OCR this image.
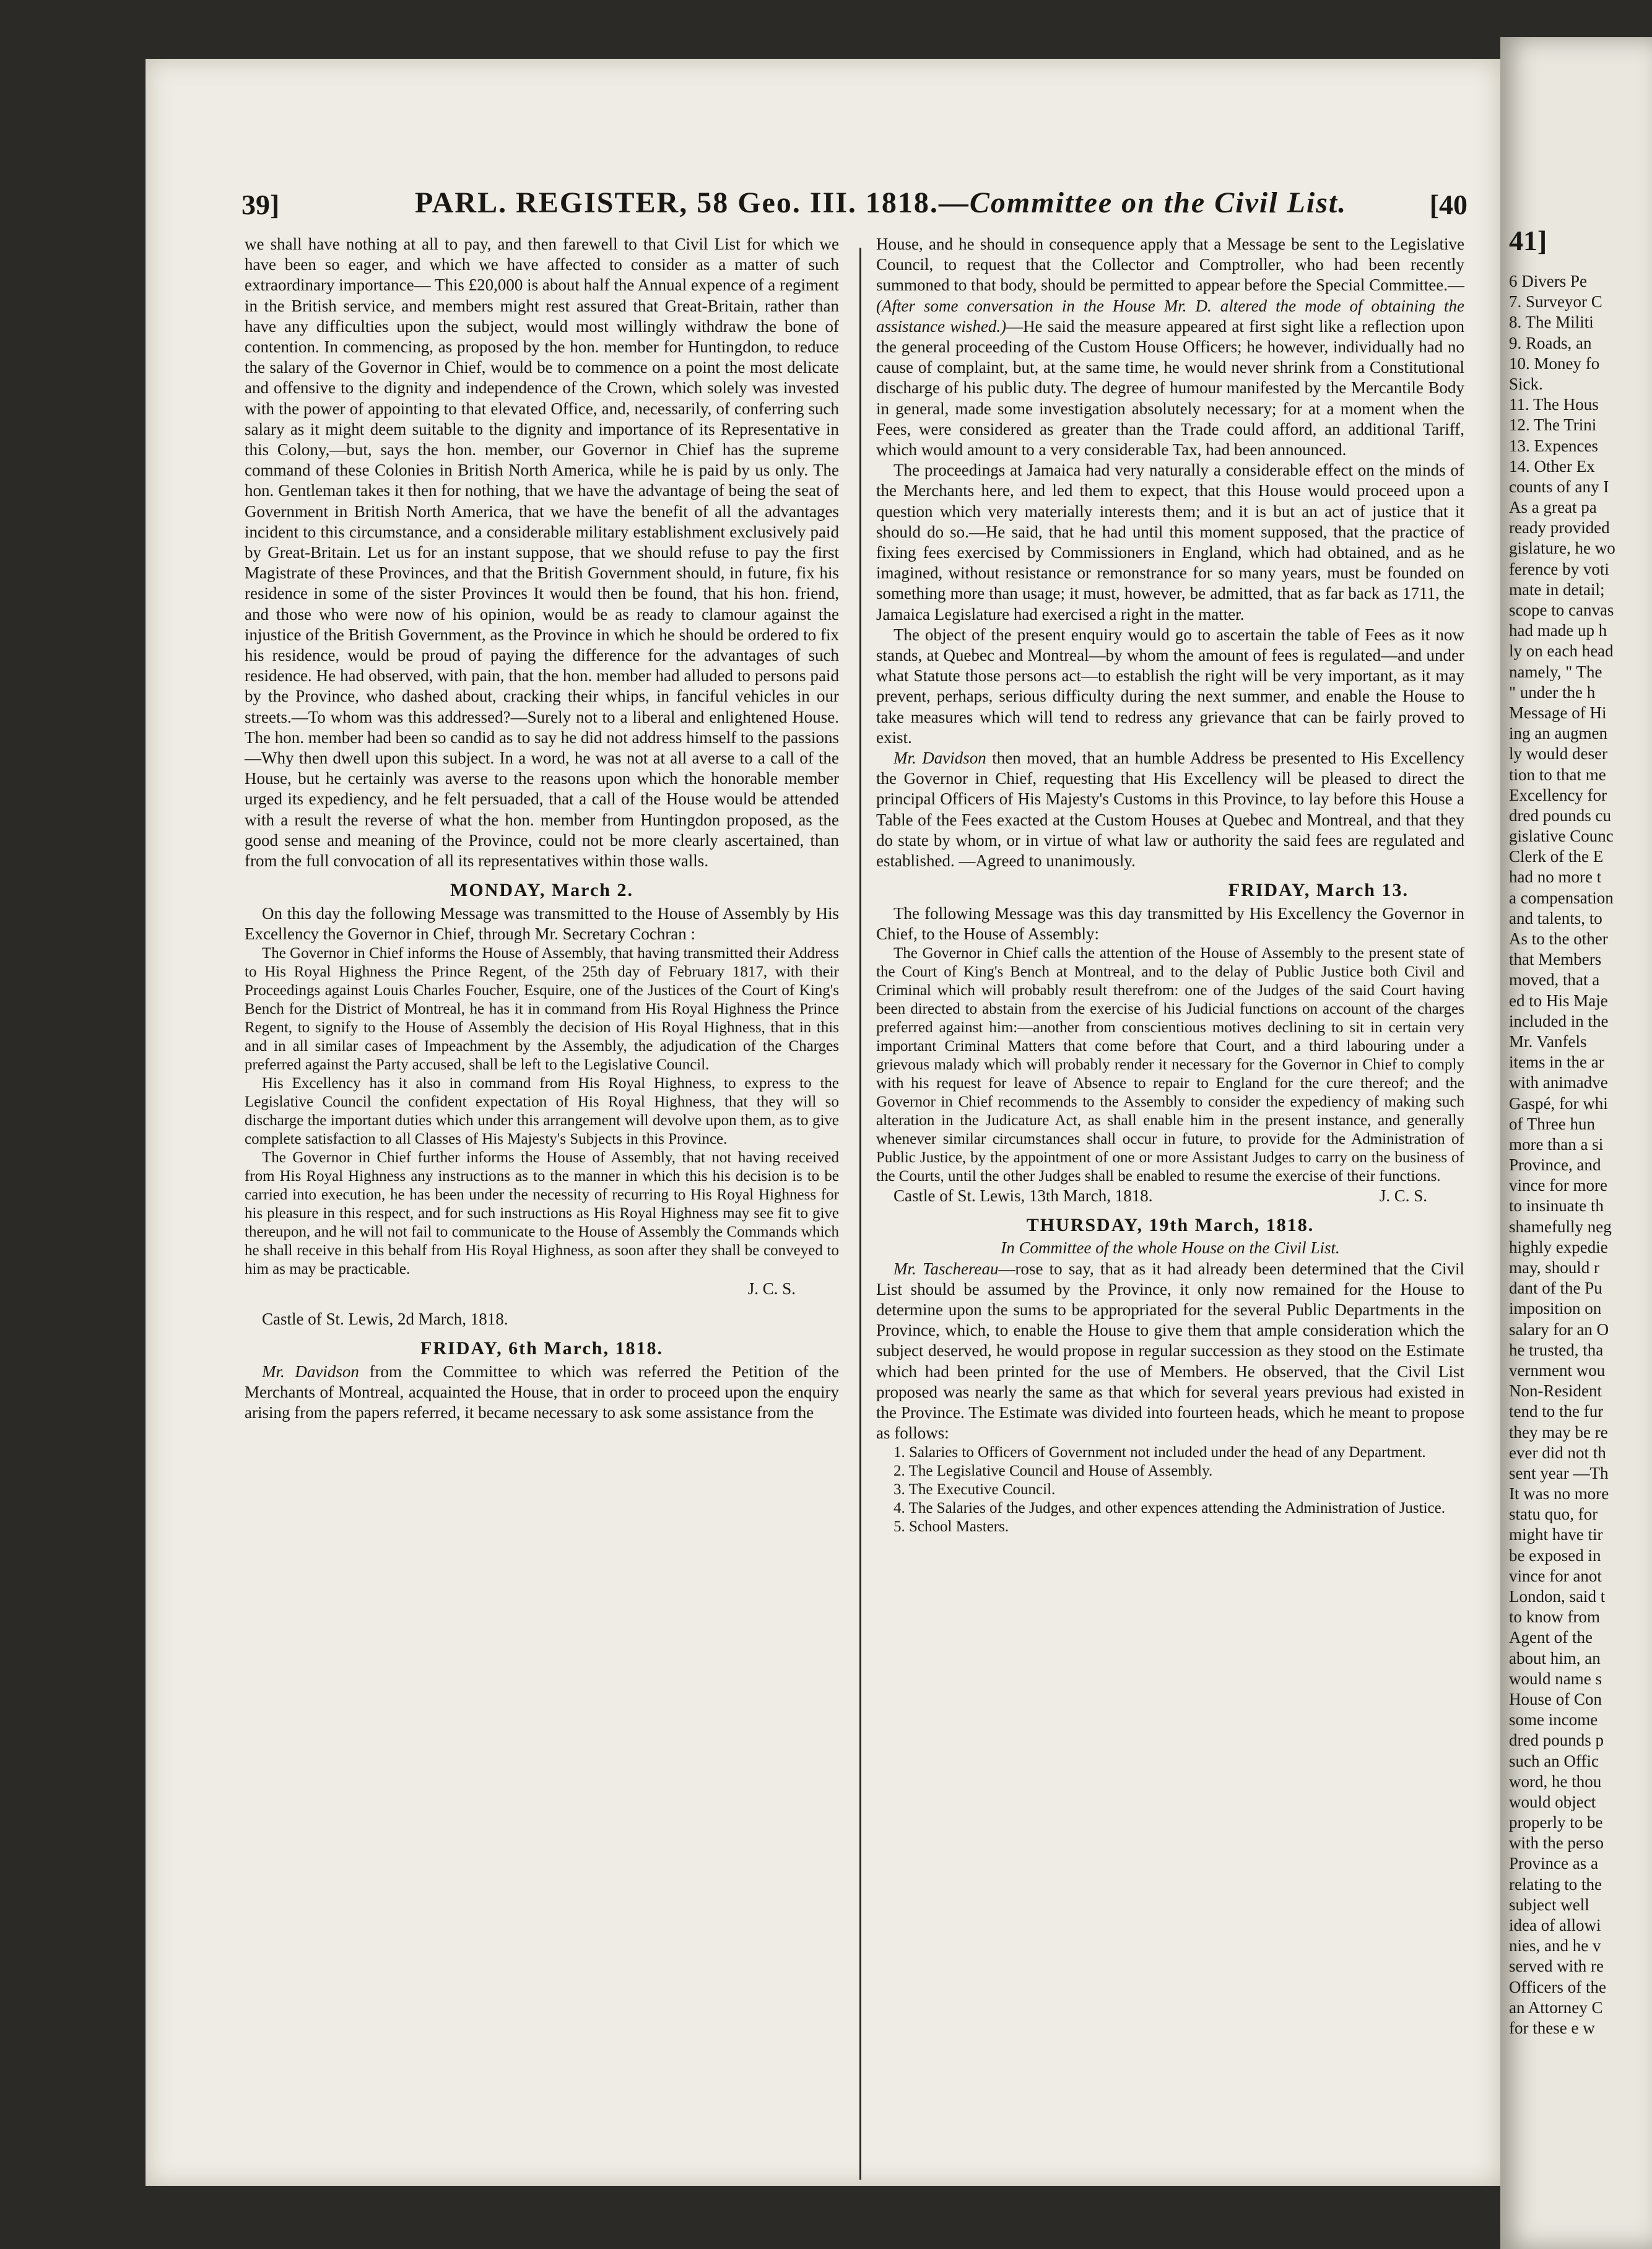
39]	PARL. REGISTER, 58 Geo. III. 1818.—Committee on the Civil List.	[40

we shall have nothing at all to pay, and then farewell to that Civil List for which we have been so eager, and which we have affected to consider as a matter of such extraordinary importance— This £20,000 is about half the Annual expence of a regiment in the British service, and members might rest assured that Great-Britain, rather than have any difficulties upon the subject, would most willingly withdraw the bone of contention. In commencing, as proposed by the hon. member for Huntingdon, to reduce the salary of the Governor in Chief, would be to commence on a point the most delicate and offensive to the dignity and independence of the Crown, which solely was invested with the power of appointing to that elevated Office, and, necessarily, of conferring such salary as it might deem suitable to the dignity and importance of its Representative in this Colony,—but, says the hon. member, our Governor in Chief has the supreme command of these Colonies in British North America, while he is paid by us only. The hon. Gentleman takes it then for nothing, that we have the advantage of being the seat of Government in British North America, that we have the benefit of all the advantages incident to this circumstance, and a considerable military establishment exclusively paid by Great-Britain. Let us for an instant suppose, that we should refuse to pay the first Magistrate of these Provinces, and that the British Government should, in future, fix his residence in some of the sister Provinces It would then be found, that his hon. friend, and those who were now of his opinion, would be as ready to clamour against the injustice of the British Government, as the Province in which he should be ordered to fix his residence, would be proud of paying the difference for the advantages of such residence. He had observed, with pain, that the hon. member had alluded to persons paid by the Province, who dashed about, cracking their whips, in fanciful vehicles in our streets.—To whom was this addressed?—Surely not to a liberal and enlightened House. The hon. member had been so candid as to say he did not address himself to the passions—Why then dwell upon this subject. In a word, he was not at all averse to a call of the House, but he certainly was averse to the reasons upon which the honorable member urged its expediency, and he felt persuaded, that a call of the House would be attended with a result the reverse of what the hon. member from Huntingdon proposed, as the good sense and meaning of the Province, could not be more clearly ascertained, than from the full convocation of all its representatives within those walls.

MONDAY, March 2.

On this day the following Message was transmitted to the House of Assembly by His Excellency the Governor in Chief, through Mr. Secretary Cochran :

The Governor in Chief informs the House of Assembly, that having transmitted their Address to His Royal Highness the Prince Regent, of the 25th day of February 1817, with their Proceedings against Louis Charles Foucher, Esquire, one of the Justices of the Court of King's Bench for the District of Montreal, he has it in command from His Royal Highness the Prince Regent, to signify to the House of Assembly the decision of His Royal Highness, that in this and in all similar cases of Impeachment by the Assembly, the adjudication of the Charges preferred against the Party accused, shall be left to the Legislative Council.

His Excellency has it also in command from His Royal Highness, to express to the Legislative Council the confident expectation of His Royal Highness, that they will so discharge the important duties which under this arrangement will devolve upon them, as to give complete satisfaction to all Classes of His Majesty's Subjects in this Province.

The Governor in Chief further informs the House of Assembly, that not having received from His Royal Highness any instructions as to the manner in which this his decision is to be carried into execution, he has been under the necessity of recurring to His Royal Highness for his pleasure in this respect, and for such instructions as His Royal Highness may see fit to give thereupon, and he will not fail to communicate to the House of Assembly the Commands which he shall receive in this behalf from His Royal Highness, as soon after they shall be conveyed to him as may be practicable.

J. C. S.

Castle of St. Lewis, 2d March, 1818.

FRIDAY, 6th March, 1818.

Mr. Davidson from the Committee to which was referred the Petition of the Merchants of Montreal, acquainted the House, that in order to proceed upon the enquiry arising from the papers referred, it became necessary to ask some assistance from the

House, and he should in consequence apply that a Message be sent to the Legislative Council, to request that the Collector and Comptroller, who had been recently summoned to that body, should be permitted to appear before the Special Committee.—(After some conversation in the House Mr. D. altered the mode of obtaining the assistance wished.)—He said the measure appeared at first sight like a reflection upon the general proceeding of the Custom House Officers; he however, individually had no cause of complaint, but, at the same time, he would never shrink from a Constitutional discharge of his public duty. The degree of humour manifested by the Mercantile Body in general, made some investigation absolutely necessary; for at a moment when the Fees, were considered as greater than the Trade could afford, an additional Tariff, which would amount to a very considerable Tax, had been announced.

The proceedings at Jamaica had very naturally a considerable effect on the minds of the Merchants here, and led them to expect, that this House would proceed upon a question which very materially interests them; and it is but an act of justice that it should do so.—He said, that he had until this moment supposed, that the practice of fixing fees exercised by Commissioners in England, which had obtained, and as he imagined, without resistance or remonstrance for so many years, must be founded on something more than usage; it must, however, be admitted, that as far back as 1711, the Jamaica Legislature had exercised a right in the matter.

The object of the present enquiry would go to ascertain the table of Fees as it now stands, at Quebec and Montreal—by whom the amount of fees is regulated—and under what Statute those persons act—to establish the right will be very important, as it may prevent, perhaps, serious difficulty during the next summer, and enable the House to take measures which will tend to redress any grievance that can be fairly proved to exist.

Mr. Davidson then moved, that an humble Address be presented to His Excellency the Governor in Chief, requesting that His Excellency will be pleased to direct the principal Officers of His Majesty's Customs in this Province, to lay before this House a Table of the Fees exacted at the Custom Houses at Quebec and Montreal, and that they do state by whom, or in virtue of what law or authority the said fees are regulated and established. —Agreed to unanimously.

FRIDAY, March 13.

The following Message was this day transmitted by His Excellency the Governor in Chief, to the House of Assembly:

The Governor in Chief calls the attention of the House of Assembly to the present state of the Court of King's Bench at Montreal, and to the delay of Public Justice both Civil and Criminal which will probably result therefrom: one of the Judges of the said Court having been directed to abstain from the exercise of his Judicial functions on account of the charges preferred against him:—another from conscientious motives declining to sit in certain very important Criminal Matters that come before that Court, and a third labouring under a grievous malady which will probably render it necessary for the Governor in Chief to comply with his request for leave of Absence to repair to England for the cure thereof; and the Governor in Chief recommends to the Assembly to consider the expediency of making such alteration in the Judicature Act, as shall enable him in the present instance, and generally whenever similar circumstances shall occur in future, to provide for the Administration of Public Justice, by the appointment of one or more Assistant Judges to carry on the business of the Courts, until the other Judges shall be enabled to resume the exercise of their functions.

Castle of St. Lewis, 13th March, 1818.	J. C. S.

THURSDAY, 19th March, 1818.

In Committee of the whole House on the Civil List.

Mr. Taschereau—rose to say, that as it had already been determined that the Civil List should be assumed by the Province, it only now remained for the House to determine upon the sums to be appropriated for the several Public Departments in the Province, which, to enable the House to give them that ample consideration which the subject deserved, he would propose in regular succession as they stood on the Estimate which had been printed for the use of Members. He observed, that the Civil List proposed was nearly the same as that which for several years previous had existed in the Province. The Estimate was divided into fourteen heads, which he meant to propose as follows:

1. Salaries to Officers of Government not included under the head of any Department.

2. The Legislative Council and House of Assembly.

3. The Executive Council.

4. The Salaries of the Judges, and other expences attending the Administration of Justice.

5. School Masters.

41]
6 Divers Pe
7. Surveyor C
8. The Militi
9. Roads, an
10. Money fo
Sick.
11. The Hous
12. The Trini
13. Expences
14. Other Ex
counts of any I
As a great pa
ready provided
gislature, he wo
ference by voti
mate in detail;
scope to canvas
had made up h
ly on each head
namely, " The
" under the h
Message of Hi
ing an augmen
ly would deser
tion to that me
Excellency for
dred pounds cu
gislative Counc
Clerk of the E
had no more t
a compensation
and talents, to
As to the other
that Members
moved, that a
ed to His Maje
included in the
Mr. Vanfels
items in the ar
with animadve
Gaspé, for whi
of Three hun
more than a si
Province, and
vince for more
to insinuate th
shamefully neg
highly expedie
may, should r
dant of the Pu
imposition on
salary for an O
he trusted, tha
vernment wou
Non-Resident
tend to the fur
they may be re
ever did not th
sent year —Th
It was no more
statu quo, for
might have tir
be exposed in
vince for anot
London, said t
to know from
Agent of the
about him, an
would name s
House of Con
some income
dred pounds p
such an Offic
word, he thou
would object
properly to be
with the perso
Province as a
relating to the
subject well
idea of allowi
nies, and he v
served with re
Officers of the
an Attorney C
for these e w
